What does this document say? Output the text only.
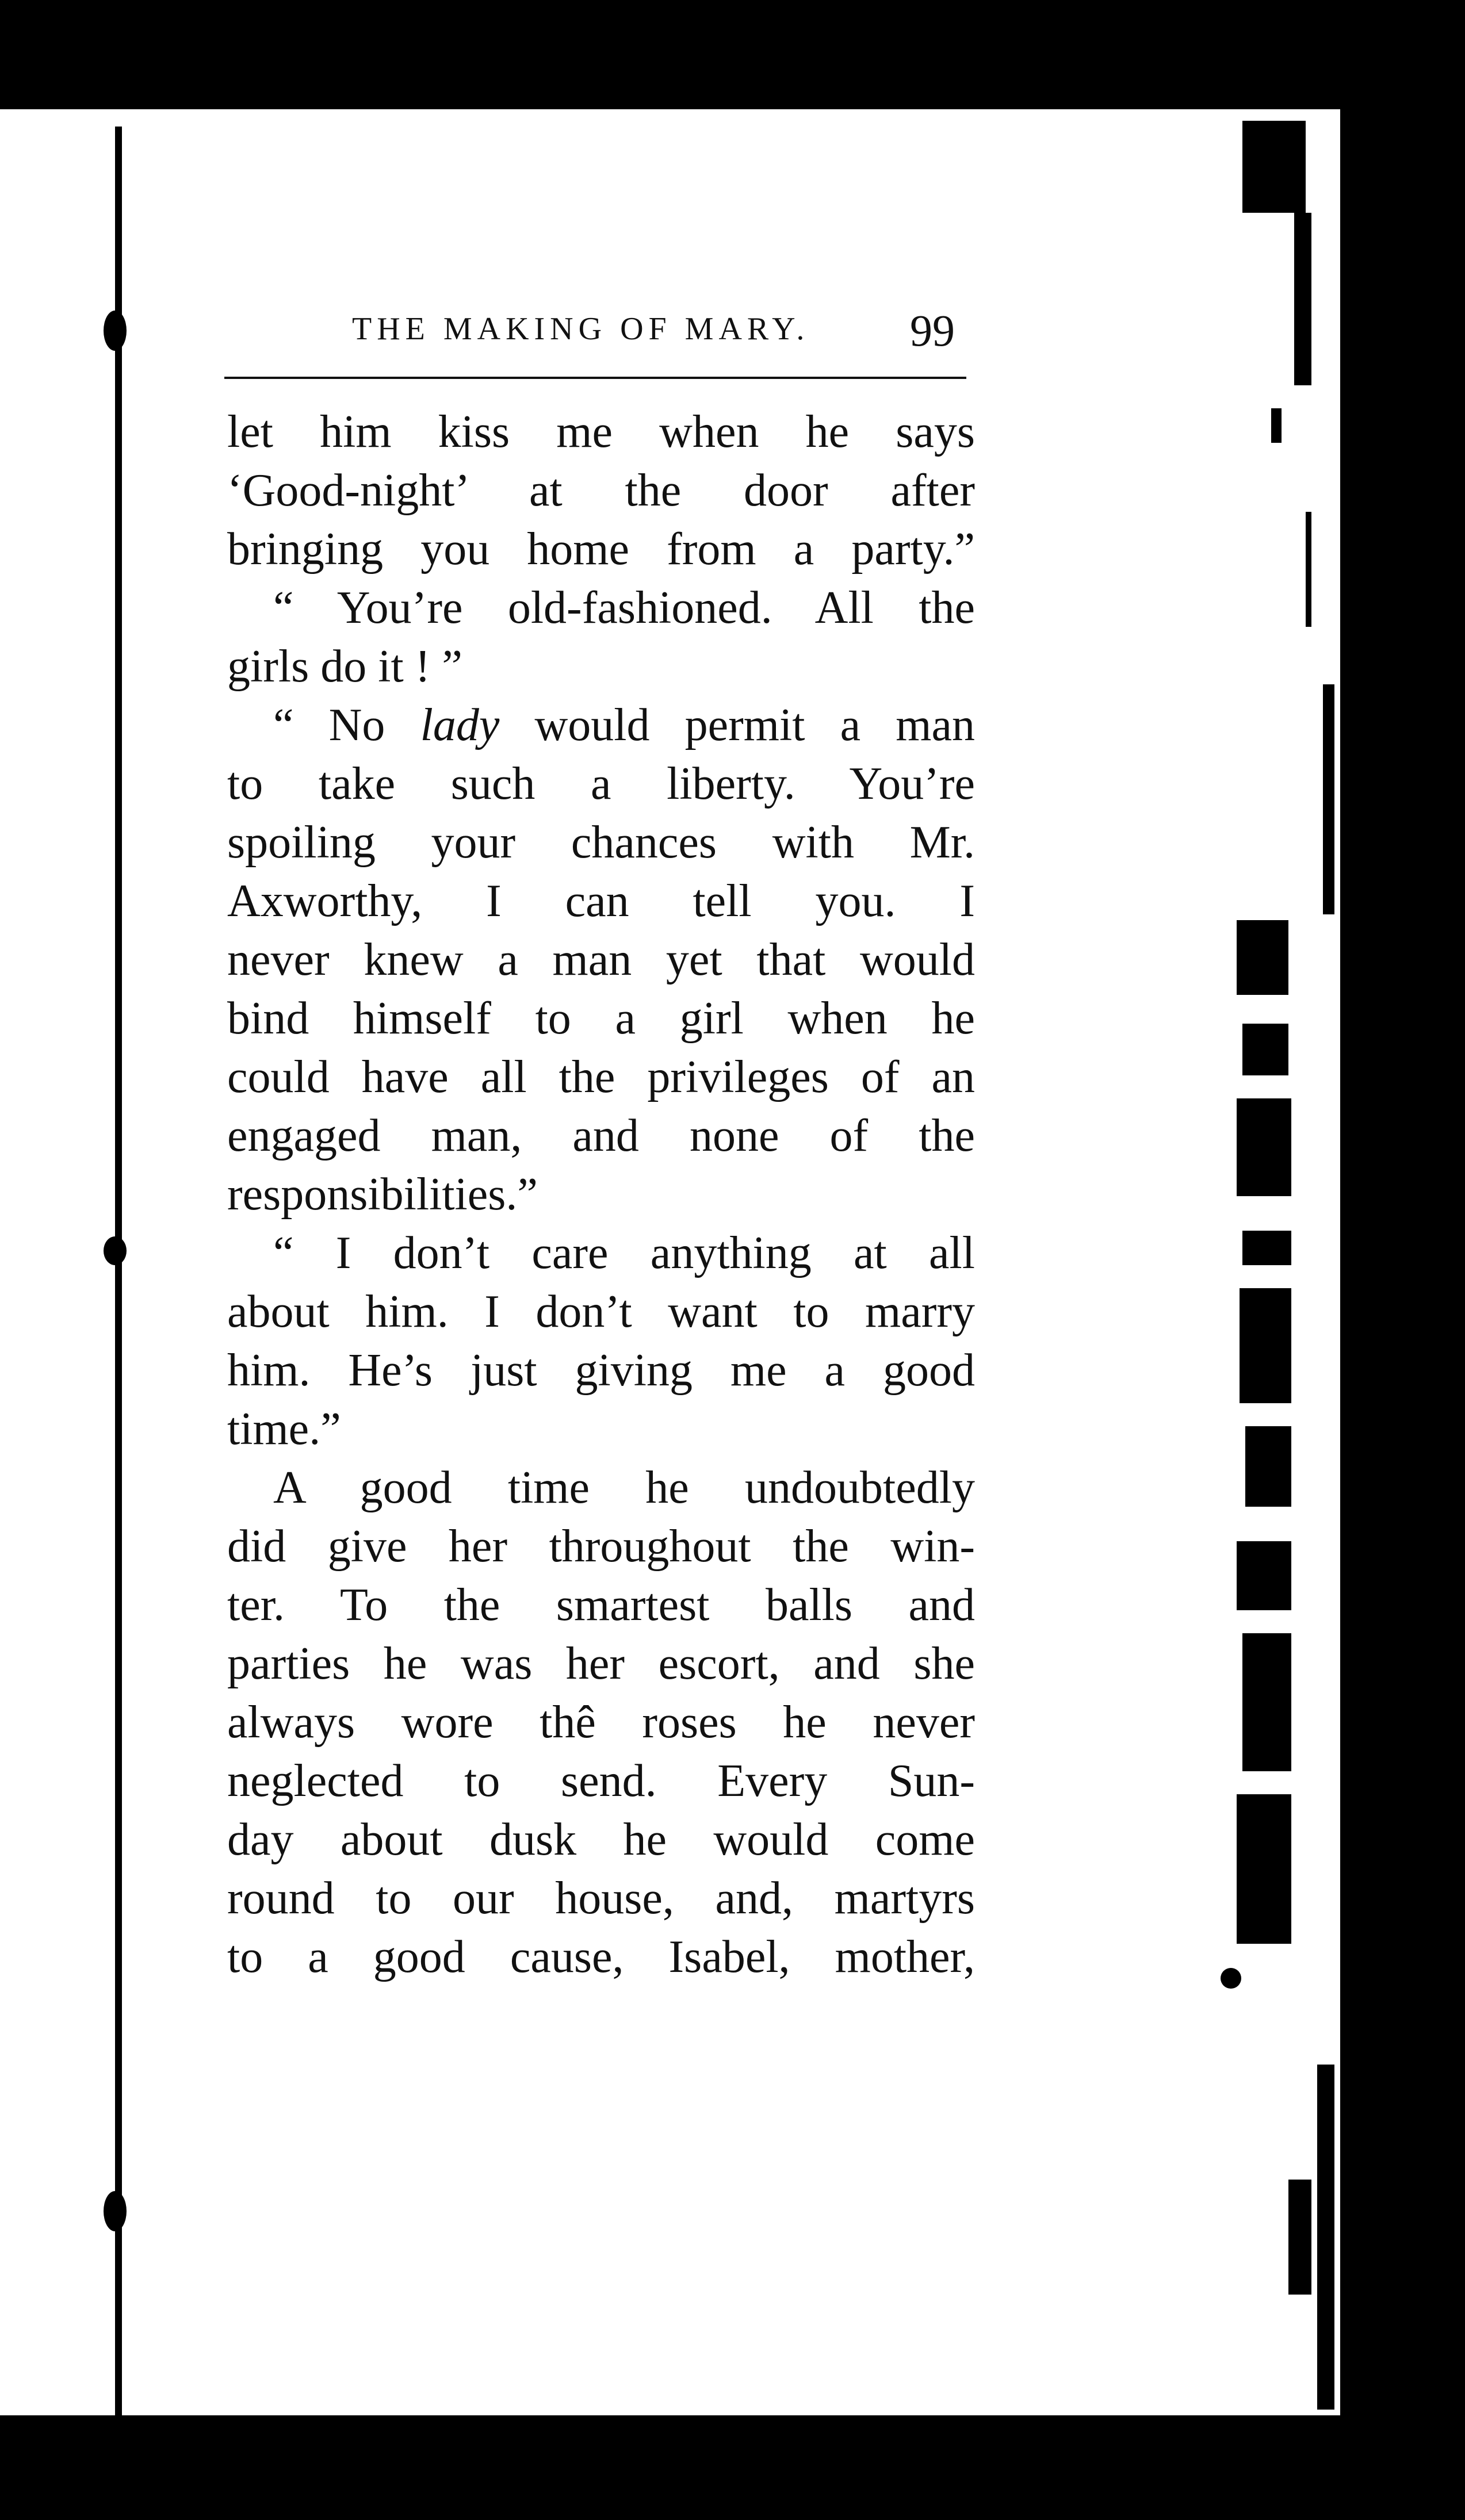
THE MAKING OF MARY. 99
let him kiss me when he says
‘Good-night’ at the door after
bringing you home from a party.”
“ You’re old-fashioned. All the
girls do it ! ”
“ No lady would permit a man
to take such a liberty. You’re
spoiling your chances with Mr.
Axworthy, I can tell you. I
never knew a man yet that would
bind himself to a girl when he
could have all the privileges of an
engaged man, and none of the
responsibilities.”
“ I don’t care anything at all
about him. I don’t want to marry
him. He’s just giving me a good
time.”
A good time he undoubtedly
did give her throughout the win-
ter. To the smartest balls and
parties he was her escort, and she
always wore thê roses he never
neglected to send. Every Sun-
day about dusk he would come
round to our house, and, martyrs
to a good cause, Isabel, mother,
